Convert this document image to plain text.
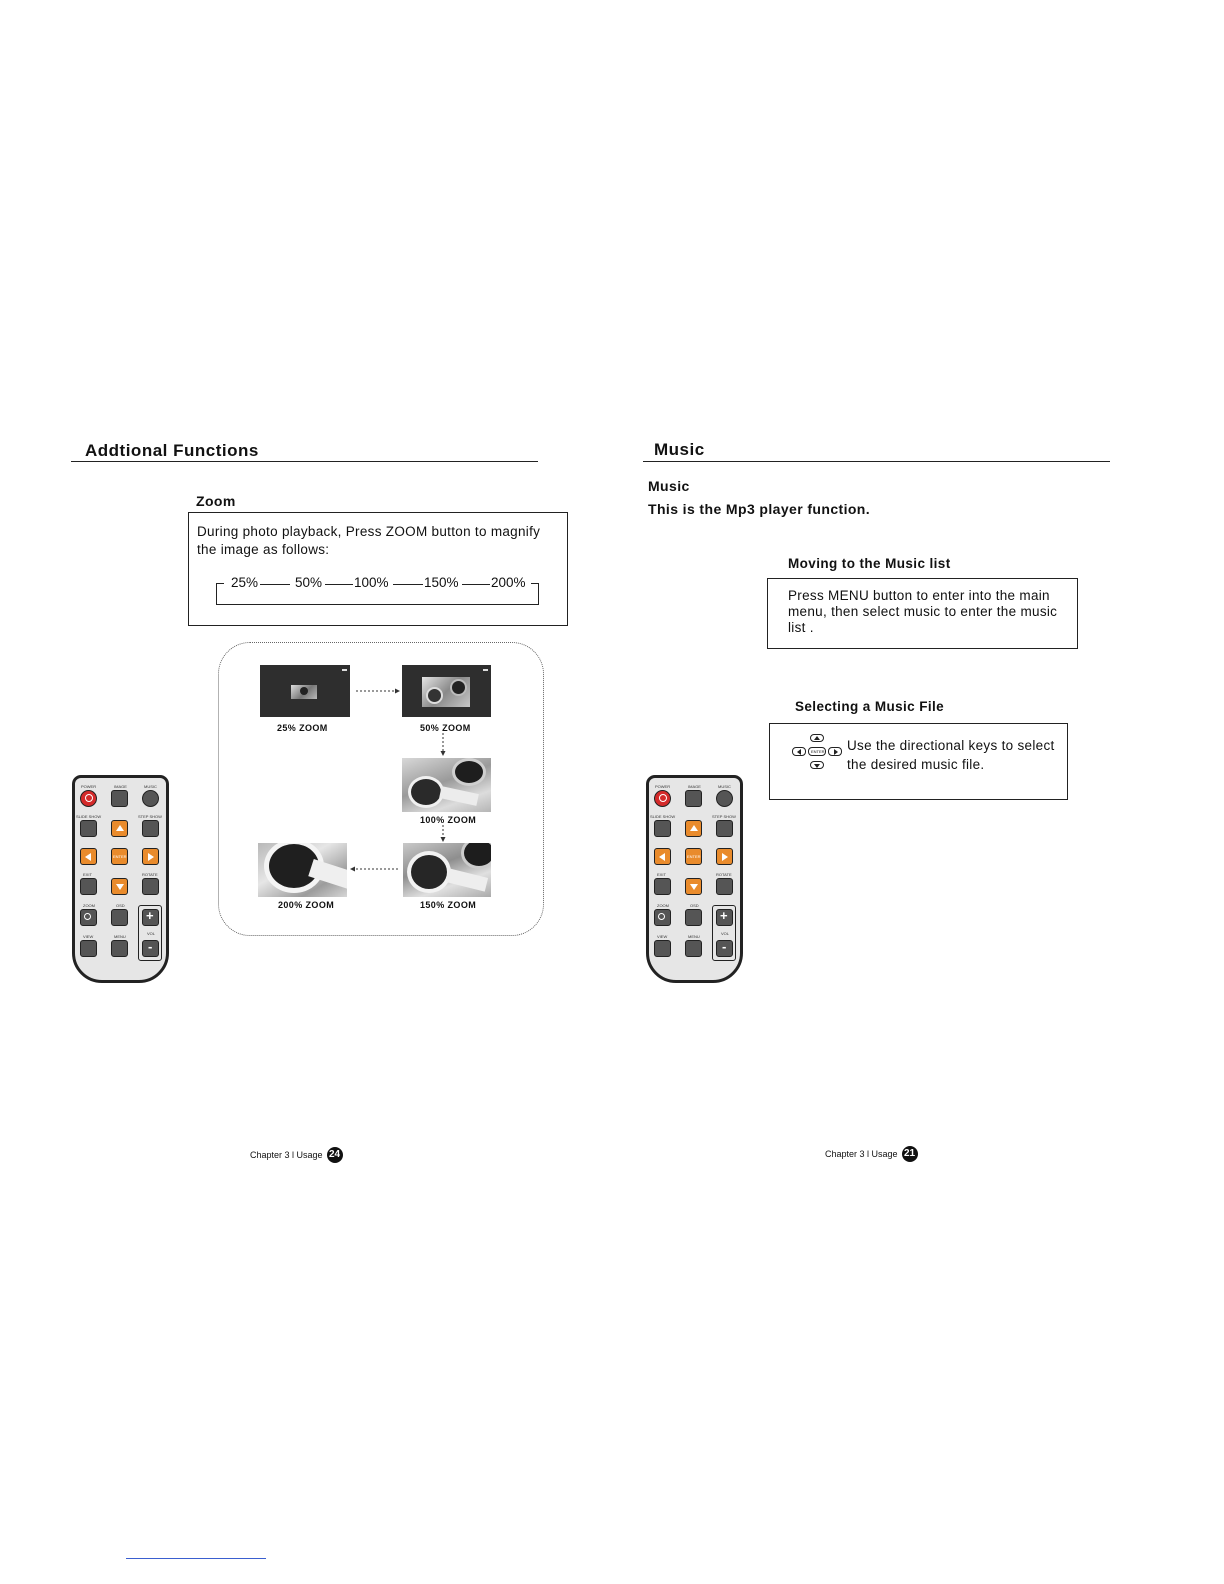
Addtional Functions
Zoom
During photo playback, Press ZOOM button to magnify the image as follows:
25%	50% 100%	150% 200%
25% ZOOM	50% ZOOM
100% ZOOM
150% ZOOM
200% ZOOM
POWER	IMAGE	MUSIC
SLIDE SHOW	STEP SHOW
ENTER
EXIT	ROTATE
ZOOM	OSD
+
VOL
VIEW	MENU
-
Chapter 3 l Usage 24
Music
Music
This is the Mp3 player function.
Moving to the Music list
Press MENU button to enter into the main menu, then select music to enter the music list .
Selecting a Music File
ENTER Use the directional keys to select the desired music file.
POWER	IMAGE	MUSIC
SLIDE SHOW	STEP SHOW
ENTER
EXIT	ROTATE
ZOOM	OSD
+
VOL
VIEW	MENU
-
Chapter 3 l Usage 21
